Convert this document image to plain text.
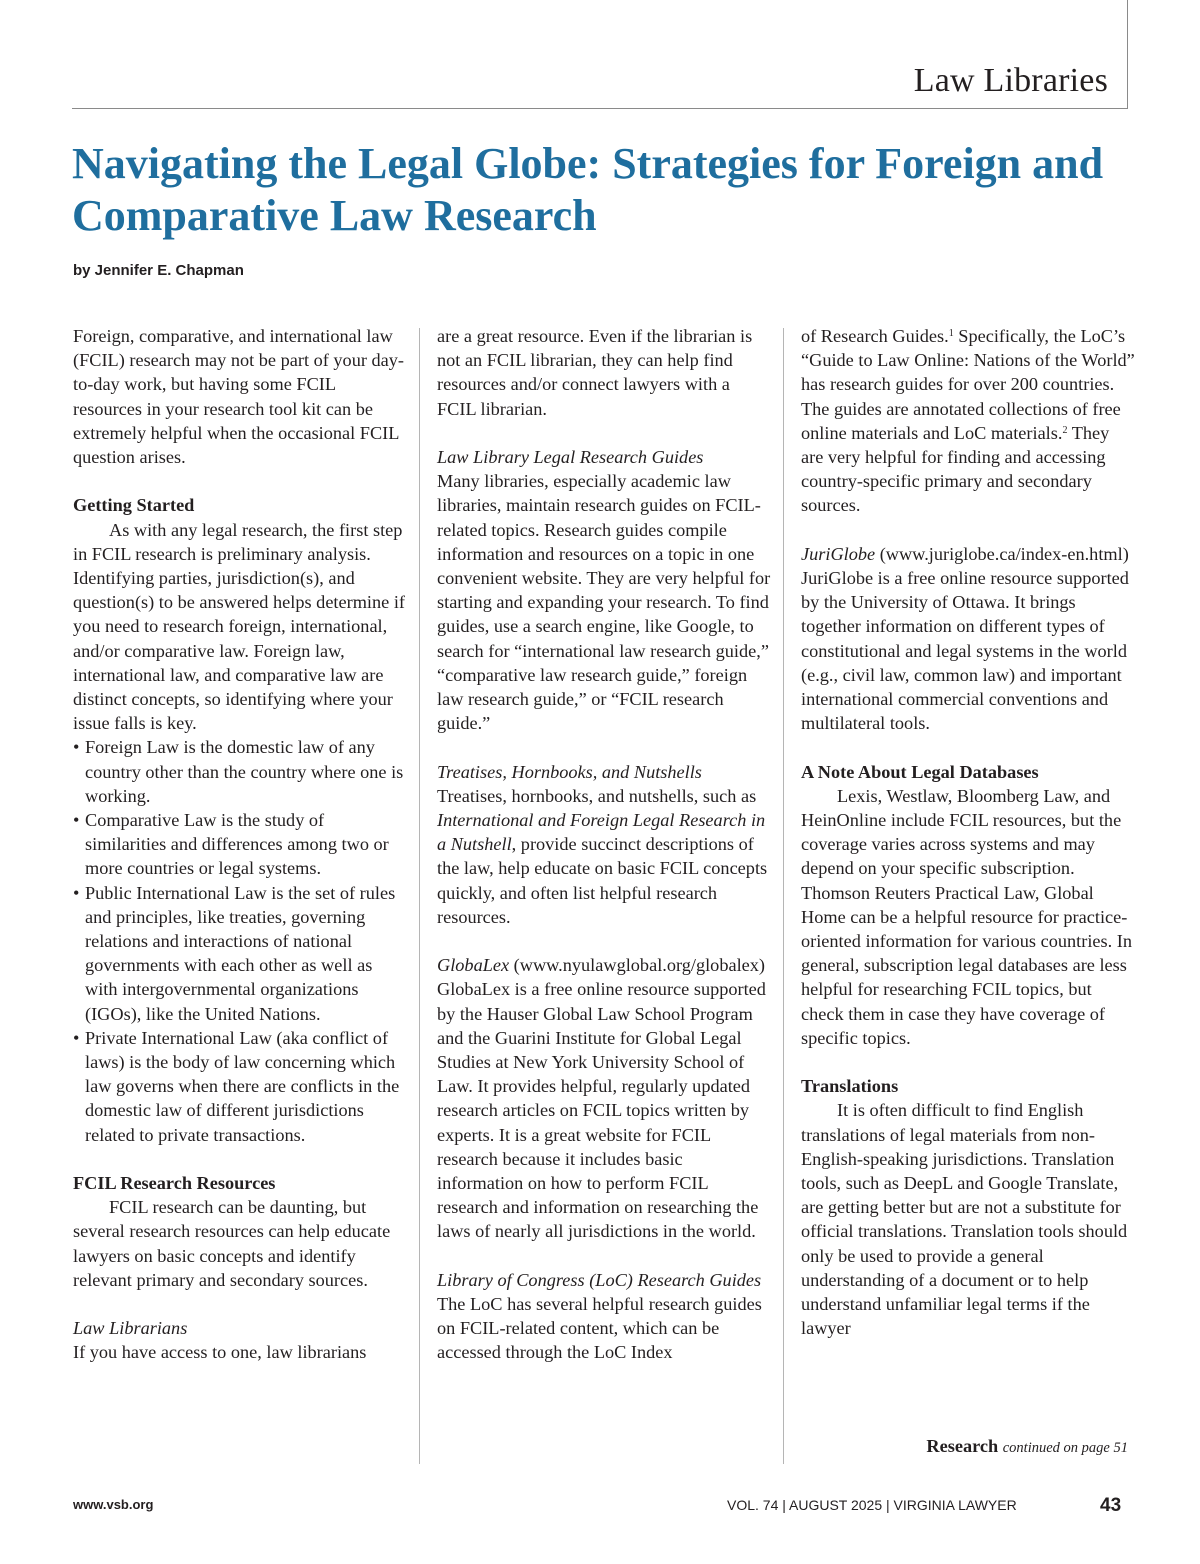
Law Libraries
Navigating the Legal Globe: Strategies for Foreign and Comparative Law Research
by Jennifer E. Chapman

Foreign, comparative, and international law (FCIL) research may not be part of your day-to-day work, but having some FCIL resources in your research tool kit can be extremely helpful when the occasional FCIL question arises.

Getting Started

As with any legal research, the first step in FCIL research is preliminary analysis. Identifying parties, jurisdiction(s), and question(s) to be answered helps determine if you need to research foreign, international, and/or comparative law. Foreign law, international law, and comparative law are distinct concepts, so identifying where your issue falls is key.

• Foreign Law is the domestic law of any country other than the country where one is working.
• Comparative Law is the study of similarities and differences among two or more countries or legal systems.
• Public International Law is the set of rules and principles, like treaties, governing relations and interactions of national governments with each other as well as with intergovernmental organizations (IGOs), like the United Nations.
• Private International Law (aka conflict of laws) is the body of law concerning which law governs when there are conflicts in the domestic law of different jurisdictions related to private transactions.
FCIL Research Resources

FCIL research can be daunting, but several research resources can help educate lawyers on basic concepts and identify relevant primary and secondary sources.

Law Librarians

If you have access to one, law librarians

are a great resource. Even if the librarian is not an FCIL librarian, they can help find resources and/or connect lawyers with a FCIL librarian.

Law Library Legal Research Guides

Many libraries, especially academic law libraries, maintain research guides on FCIL-related topics. Research guides compile information and resources on a topic in one convenient website. They are very helpful for starting and expanding your research. To find guides, use a search engine, like Google, to search for “international law research guide,” “comparative law research guide,” foreign law research guide,” or “FCIL research guide.”

Treatises, Hornbooks, and Nutshells

Treatises, hornbooks, and nutshells, such as International and Foreign Legal Research in a Nutshell, provide succinct descriptions of the law, help educate on basic FCIL concepts quickly, and often list helpful research resources.

GlobaLex (www.nyulawglobal.org/globalex)

GlobaLex is a free online resource supported by the Hauser Global Law School Program and the Guarini Institute for Global Legal Studies at New York University School of Law. It provides helpful, regularly updated research articles on FCIL topics written by experts. It is a great website for FCIL research because it includes basic information on how to perform FCIL research and information on researching the laws of nearly all jurisdictions in the world.

Library of Congress (LoC) Research Guides

The LoC has several helpful research guides on FCIL-related content, which can be accessed through the LoC Index

of Research Guides.$^1$ Specifically, the LoC’s “Guide to Law Online: Nations of the World” has research guides for over 200 countries. The guides are annotated collections of free online materials and LoC materials.$^2$ They are very helpful for finding and accessing country-specific primary and secondary sources.

JuriGlobe (www.juriglobe.ca/index-en.html)

JuriGlobe is a free online resource supported by the University of Ottawa. It brings together information on different types of constitutional and legal systems in the world (e.g., civil law, common law) and important international commercial conventions and multilateral tools.

A Note About Legal Databases

Lexis, Westlaw, Bloomberg Law, and HeinOnline include FCIL resources, but the coverage varies across systems and may depend on your specific subscription. Thomson Reuters Practical Law, Global Home can be a helpful resource for practice-oriented information for various countries. In general, subscription legal databases are less helpful for researching FCIL topics, but check them in case they have coverage of specific topics.

Translations

It is often difficult to find English translations of legal materials from non-English-speaking jurisdictions. Translation tools, such as DeepL and Google Translate, are getting better but are not a substitute for official translations. Translation tools should only be used to provide a general understanding of a document or to help understand unfamiliar legal terms if the lawyer

Research continued on page 51
www.vsb.org	VOL. 74 | AUGUST 2025 | VIRGINIA LAWYER	43
